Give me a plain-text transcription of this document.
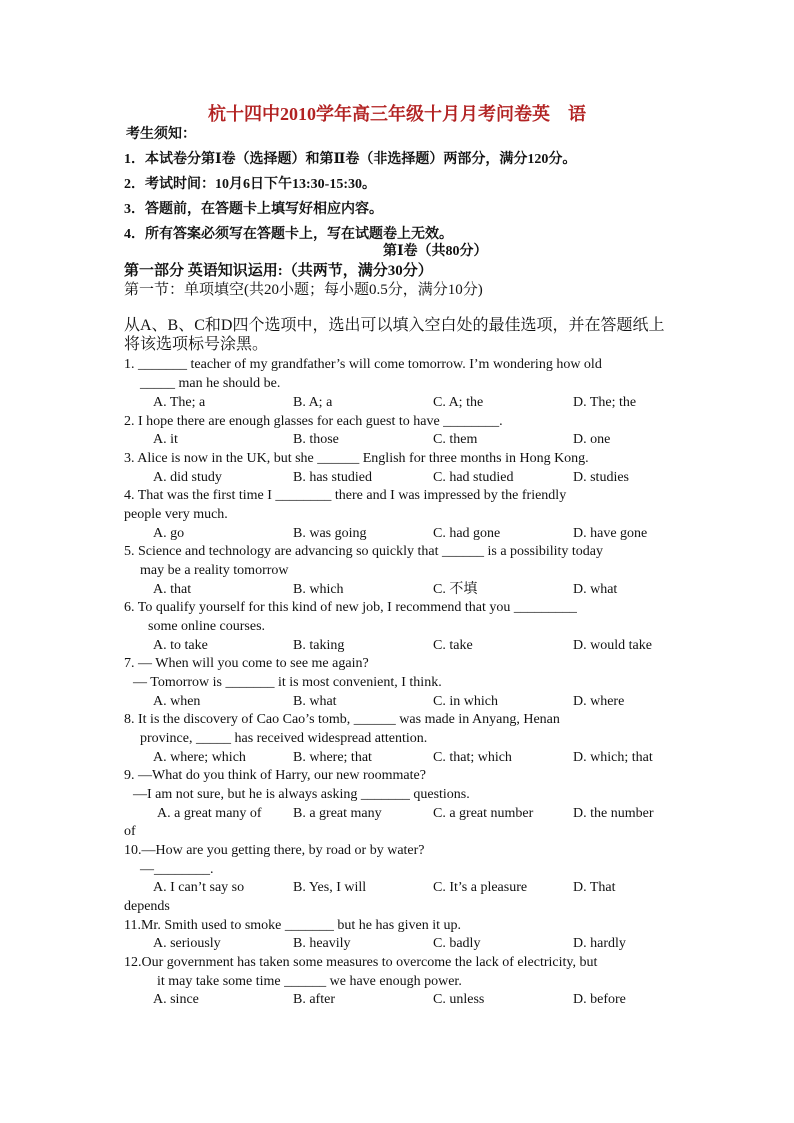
杭十四中2010学年高三年级十月月考问卷英　语
考生须知：
1．本试卷分第Ⅰ卷（选择题）和第Ⅱ卷（非选择题）两部分，满分120分。
2．考试时间：10月6日下午13:30-15:30。
3．答题前，在答题卡上填写好相应内容。
4．所有答案必须写在答题卡上，写在试题卷上无效。
第Ⅰ卷（共80分）
第一部分 英语知识运用:（共两节，满分30分）
第一节：单项填空(共20小题；每小题0.5分，满分10分)
从A、B、C和D四个选项中，选出可以填入空白处的最佳选项，并在答题纸上
将该选项标号涂黑。
1. _______ teacher of my grandfather’s will come tomorrow. I’m wondering how old
_____ man he should be.
A. The; a	B. A; a	C. A; the	D. The; the
2. I hope there are enough glasses for each guest to have ________.
A. it	B. those	C. them	D. one
3. Alice is now in the UK, but she ______ English for three months in Hong Kong.
A. did study	B. has studied	C. had studied	D. studies
4. That was the first time I ________ there and I was impressed by the friendly
people very much.
A. go	B. was going	C. had gone	D. have gone
5. Science and technology are advancing so quickly that ______ is a possibility today
may be a reality tomorrow
A. that	B. which	C. 不填	D. what
6. To qualify yourself for this kind of new job, I recommend that you _________
some online courses.
A. to take	B. taking	C. take	D. would take
7. — When will you come to see me again?
— Tomorrow is _______ it is most convenient, I think.
A. when	B. what	C. in which	D. where
8. It is the discovery of Cao Cao’s tomb, ______ was made in Anyang, Henan
province, _____ has received widespread attention.
A. where; which	B. where; that	C. that; which	D. which; that
9. —What do you think of Harry, our new roommate?
—I am not sure, but he is always asking _______ questions.
A. a great many of B. a great many	C. a great number	D. the number
of
10.—How are you getting there, by road or by water?
—________.
A. I can’t say so	B. Yes, I will	C. It’s a pleasure	D. That
depends
11.Mr. Smith used to smoke _______ but he has given it up.
A. seriously	B. heavily	C. badly	D. hardly
12.Our government has taken some measures to overcome the lack of electricity, but
it may take some time ______ we have enough power.
A. since	B. after	C. unless	D. before
